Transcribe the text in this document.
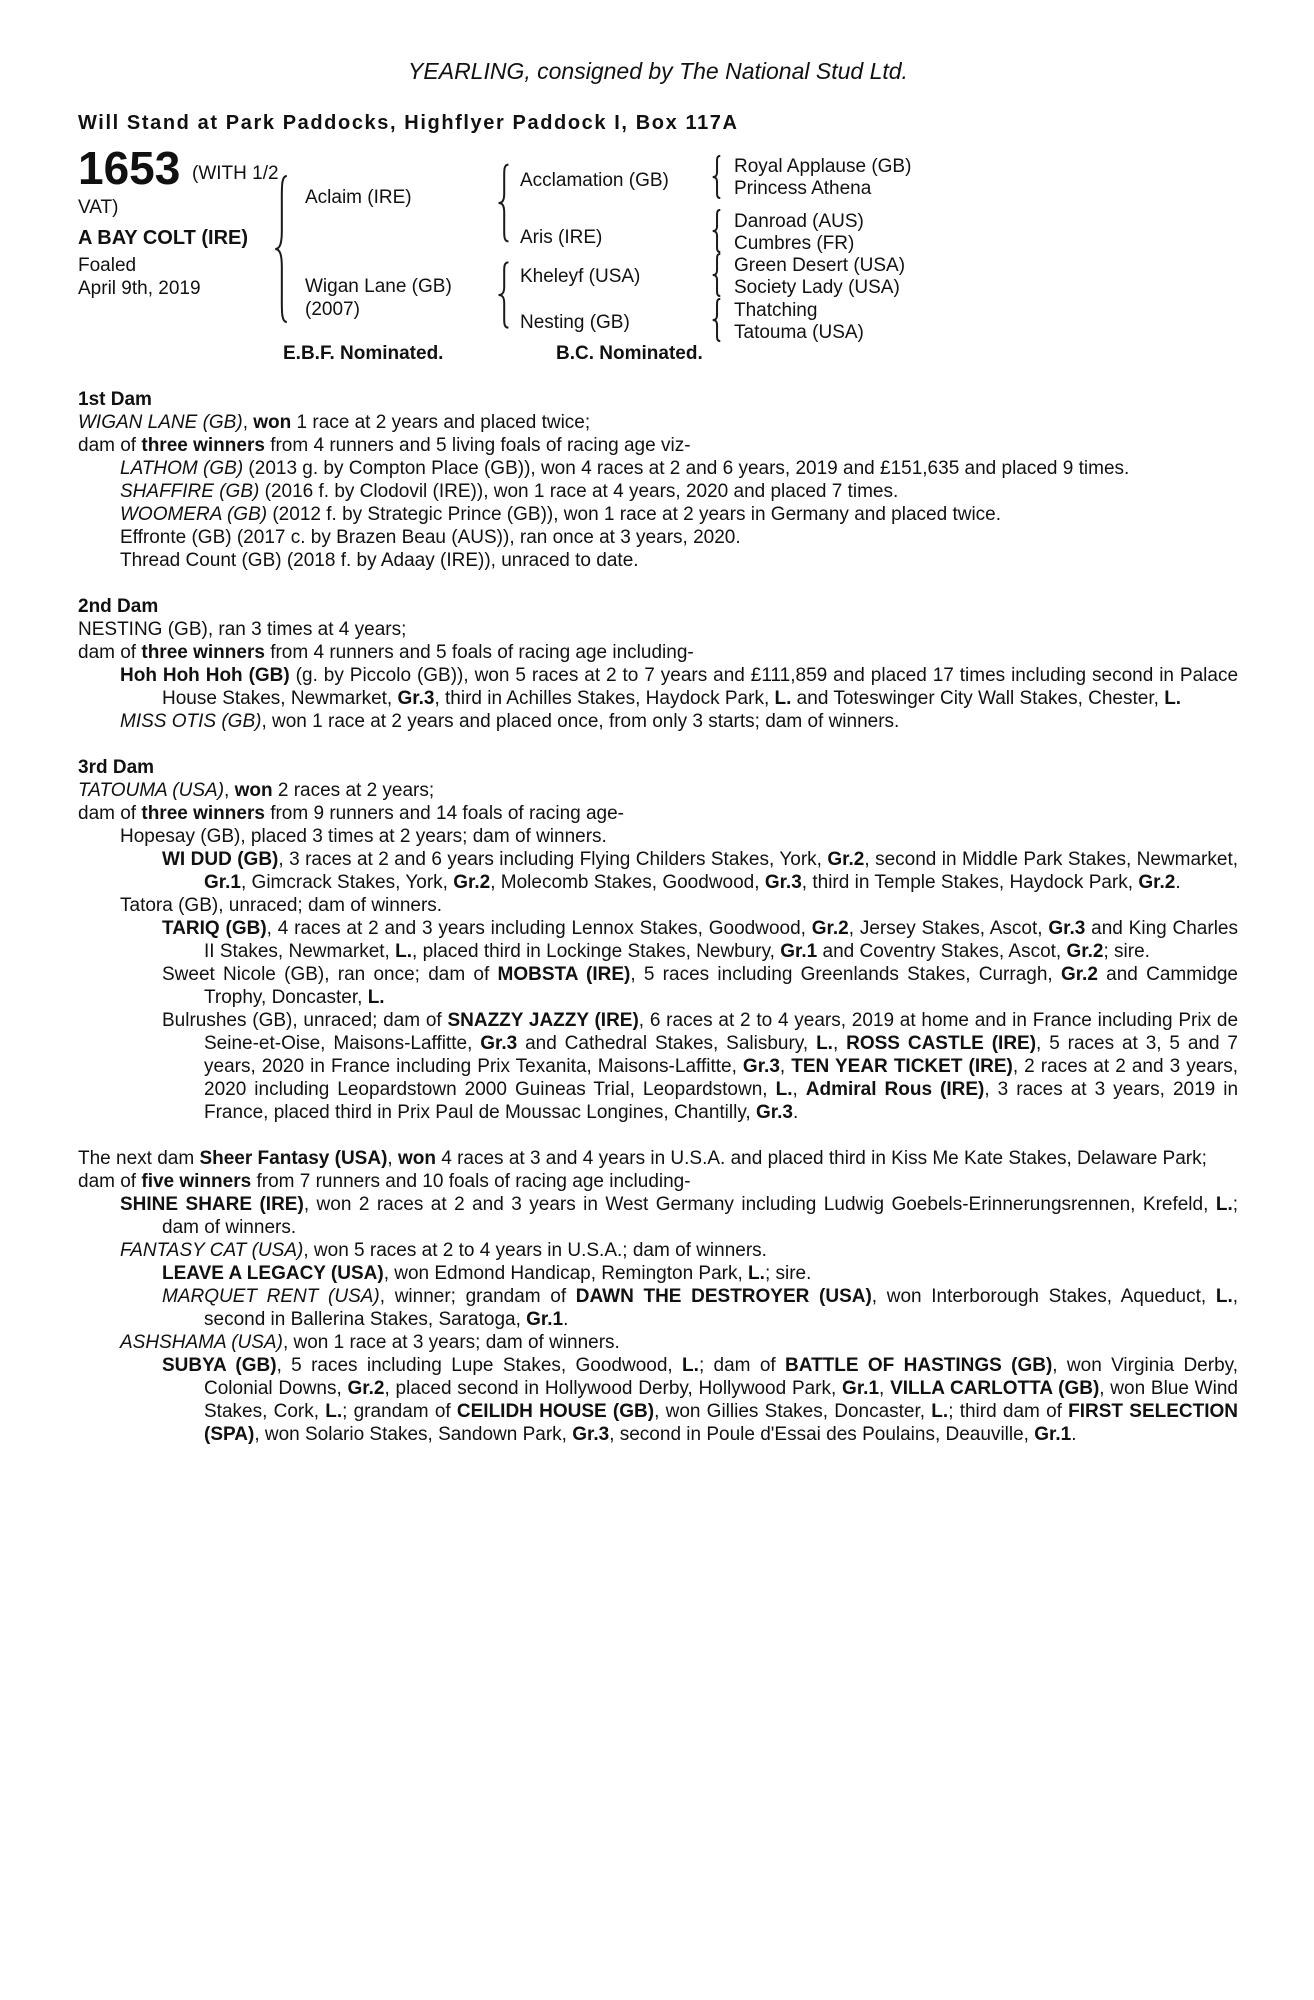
YEARLING, consigned by The National Stud Ltd.
Will Stand at Park Paddocks, Highflyer Paddock I, Box 117A
1653 (WITH 1/2
VAT)
A BAY COLT (IRE)
Foaled
April 9th, 2019
Aclaim (IRE)
Wigan Lane (GB)
(2007)
Acclamation (GB)
Aris (IRE)
Kheleyf (USA)
Nesting (GB)
Royal Applause (GB)
Princess Athena
Danroad (AUS)
Cumbres (FR)
Green Desert (USA)
Society Lady (USA)
Thatching
Tatouma (USA)
E.B.F. Nominated.	B.C. Nominated.
1st Dam

WIGAN LANE (GB), won 1 race at 2 years and placed twice;

dam of three winners from 4 runners and 5 living foals of racing age viz-

LATHOM (GB) (2013 g. by Compton Place (GB)), won 4 races at 2 and 6 years, 2019 and £151,635 and placed 9 times.

SHAFFIRE (GB) (2016 f. by Clodovil (IRE)), won 1 race at 4 years, 2020 and placed 7 times.

WOOMERA (GB) (2012 f. by Strategic Prince (GB)), won 1 race at 2 years in Germany and placed twice.

Effronte (GB) (2017 c. by Brazen Beau (AUS)), ran once at 3 years, 2020.

Thread Count (GB) (2018 f. by Adaay (IRE)), unraced to date.

2nd Dam

NESTING (GB), ran 3 times at 4 years;

dam of three winners from 4 runners and 5 foals of racing age including-

Hoh Hoh Hoh (GB) (g. by Piccolo (GB)), won 5 races at 2 to 7 years and £111,859 and placed 17 times including second in Palace House Stakes, Newmarket, Gr.3, third in Achilles Stakes, Haydock Park, L. and Toteswinger City Wall Stakes, Chester, L.

MISS OTIS (GB), won 1 race at 2 years and placed once, from only 3 starts; dam of winners.

3rd Dam

TATOUMA (USA), won 2 races at 2 years;

dam of three winners from 9 runners and 14 foals of racing age-

Hopesay (GB), placed 3 times at 2 years; dam of winners.

WI DUD (GB), 3 races at 2 and 6 years including Flying Childers Stakes, York, Gr.2, second in Middle Park Stakes, Newmarket, Gr.1, Gimcrack Stakes, York, Gr.2, Molecomb Stakes, Goodwood, Gr.3, third in Temple Stakes, Haydock Park, Gr.2.

Tatora (GB), unraced; dam of winners.

TARIQ (GB), 4 races at 2 and 3 years including Lennox Stakes, Goodwood, Gr.2, Jersey Stakes, Ascot, Gr.3 and King Charles II Stakes, Newmarket, L., placed third in Lockinge Stakes, Newbury, Gr.1 and Coventry Stakes, Ascot, Gr.2; sire.

Sweet Nicole (GB), ran once; dam of MOBSTA (IRE), 5 races including Greenlands Stakes, Curragh, Gr.2 and Cammidge Trophy, Doncaster, L.

Bulrushes (GB), unraced; dam of SNAZZY JAZZY (IRE), 6 races at 2 to 4 years, 2019 at home and in France including Prix de Seine-et-Oise, Maisons-Laffitte, Gr.3 and Cathedral Stakes, Salisbury, L., ROSS CASTLE (IRE), 5 races at 3, 5 and 7 years, 2020 in France including Prix Texanita, Maisons-Laffitte, Gr.3, TEN YEAR TICKET (IRE), 2 races at 2 and 3 years, 2020 including Leopardstown 2000 Guineas Trial, Leopardstown, L., Admiral Rous (IRE), 3 races at 3 years, 2019 in France, placed third in Prix Paul de Moussac Longines, Chantilly, Gr.3.

The next dam Sheer Fantasy (USA), won 4 races at 3 and 4 years in U.S.A. and placed third in Kiss Me Kate Stakes, Delaware Park;

dam of five winners from 7 runners and 10 foals of racing age including-

SHINE SHARE (IRE), won 2 races at 2 and 3 years in West Germany including Ludwig Goebels-Erinnerungsrennen, Krefeld, L.; dam of winners.

FANTASY CAT (USA), won 5 races at 2 to 4 years in U.S.A.; dam of winners.

LEAVE A LEGACY (USA), won Edmond Handicap, Remington Park, L.; sire.

MARQUET RENT (USA), winner; grandam of DAWN THE DESTROYER (USA), won Interborough Stakes, Aqueduct, L., second in Ballerina Stakes, Saratoga, Gr.1.

ASHSHAMA (USA), won 1 race at 3 years; dam of winners.

SUBYA (GB), 5 races including Lupe Stakes, Goodwood, L.; dam of BATTLE OF HASTINGS (GB), won Virginia Derby, Colonial Downs, Gr.2, placed second in Hollywood Derby, Hollywood Park, Gr.1, VILLA CARLOTTA (GB), won Blue Wind Stakes, Cork, L.; grandam of CEILIDH HOUSE (GB), won Gillies Stakes, Doncaster, L.; third dam of FIRST SELECTION (SPA), won Solario Stakes, Sandown Park, Gr.3, second in Poule d'Essai des Poulains, Deauville, Gr.1.
